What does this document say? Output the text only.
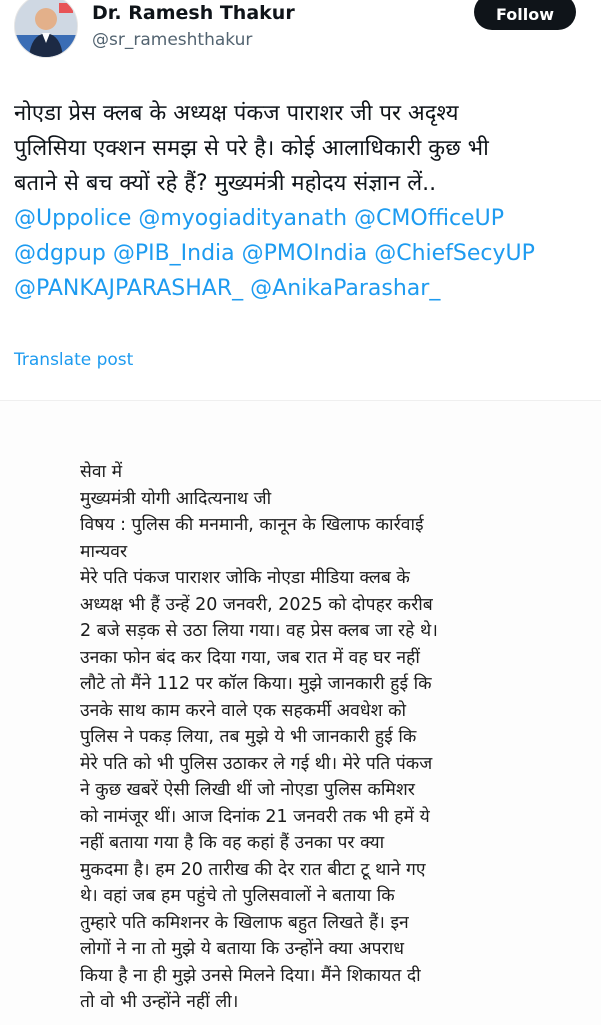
Dr. Ramesh Thakur
@sr_rameshthakur
Follow
नोएडा प्रेस क्लब के अध्यक्ष पंकज पाराशर जी पर अदृश्य
पुलिसिया एक्शन समझ से परे है। कोई आलाधिकारी कुछ भी
बताने से बच क्यों रहे हैं? मुख्यमंत्री महोदय संज्ञान लें..
@Uppolice @myogiadityanath @CMOfficeUP
@dgpup @PIB_India @PMOIndia @ChiefSecyUP
@PANKAJPARASHAR_ @AnikaParashar_
Translate post
सेवा में
मुख्यमंत्री योगी आदित्यनाथ जी
विषय : पुलिस की मनमानी, कानून के खिलाफ कार्रवाई
मान्यवर
मेरे पति पंकज पाराशर जोकि नोएडा मीडिया क्लब के
अध्यक्ष भी हैं उन्हें 20 जनवरी, 2025 को दोपहर करीब
2 बजे सड़क से उठा लिया गया। वह प्रेस क्लब जा रहे थे।
उनका फोन बंद कर दिया गया, जब रात में वह घर नहीं
लौटे तो मैंने 112 पर कॉल किया। मुझे जानकारी हुई कि
उनके साथ काम करने वाले एक सहकर्मी अवधेश को
पुलिस ने पकड़ लिया, तब मुझे ये भी जानकारी हुई कि
मेरे पति को भी पुलिस उठाकर ले गई थी। मेरे पति पंकज
ने कुछ खबरें ऐसी लिखी थीं जो नोएडा पुलिस कमिशर
को नामंजूर थीं। आज दिनांक 21 जनवरी तक भी हमें ये
नहीं बताया गया है कि वह कहां हैं उनका पर क्या
मुकदमा है। हम 20 तारीख की देर रात बीटा टू थाने गए
थे। वहां जब हम पहुंचे तो पुलिसवालों ने बताया कि
तुम्हारे पति कमिशनर के खिलाफ बहुत लिखते हैं। इन
लोगों ने ना तो मुझे ये बताया कि उन्होंने क्या अपराध
किया है ना ही मुझे उनसे मिलने दिया। मैंने शिकायत दी
तो वो भी उन्होंने नहीं ली।
